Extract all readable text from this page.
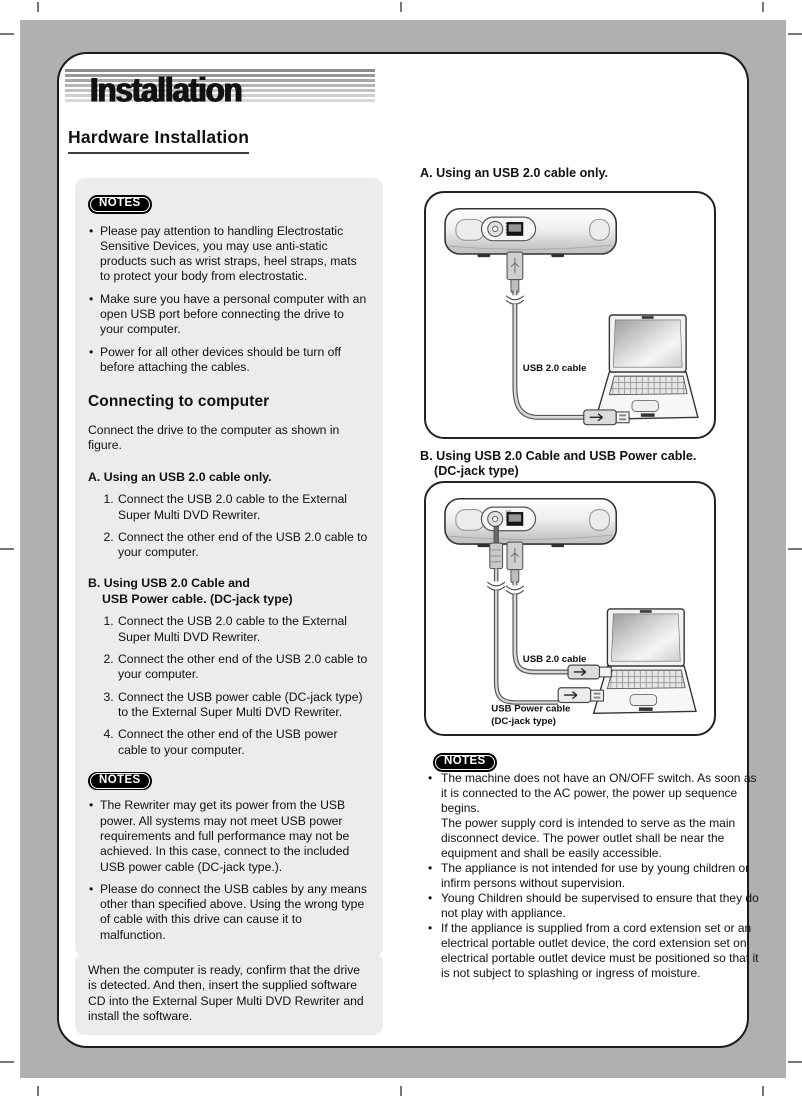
Installation
Hardware Installation
NOTES
• Please pay attention to handling Electrostatic Sensitive Devices, you may use anti-static products such as wrist straps, heel straps, mats to protect your body from electrostatic.
• Make sure you have a personal computer with an open USB port before connecting the drive to your computer.
• Power for all other devices should be turn off before attaching the cables.
Connecting to computer
Connect the drive to the computer as shown in figure.
A. Using an USB 2.0 cable only.
1. Connect the USB 2.0 cable to the External Super Multi DVD Rewriter.
2. Connect the other end of the USB 2.0 cable to your computer.
B. Using USB 2.0 Cable and
USB Power cable. (DC-jack type)
1. Connect the USB 2.0 cable to the External Super Multi DVD Rewriter.
2. Connect the other end of the USB 2.0 cable to your computer.
3. Connect the USB power cable (DC-jack type) to the External Super Multi DVD Rewriter.
4. Connect the other end of the USB power cable to your computer.
NOTES
• The Rewriter may get its power from the USB power. All systems may not meet USB power requirements and full performance may not be achieved. In this case, connect to the included USB power cable (DC-jack type.).
• Please do connect the USB cables by any means other than specified above. Using the wrong type of cable with this drive can cause it to malfunction.
When the computer is ready, confirm that the drive is detected. And then, insert the supplied software CD into the External Super Multi DVD Rewriter and install the software.
A. Using an USB 2.0 cable only.
USB 2.0 cable
B. Using USB 2.0 Cable and USB Power cable.
(DC-jack type)
USB 2.0 cable
USB Power cable
(DC-jack type)
NOTES
• The machine does not have an ON/OFF switch. As soon as it is connected to the AC power, the power up sequence begins.
The power supply cord is intended to serve as the main disconnect device. The power outlet shall be near the equipment and shall be easily accessible.
• The appliance is not intended for use by young children or infirm persons without supervision.
• Young Children should be supervised to ensure that they do not play with appliance.
• If the appliance is supplied from a cord extension set or an electrical portable outlet device, the cord extension set on electrical portable outlet device must be positioned so that it is not subject to splashing or ingress of moisture.
